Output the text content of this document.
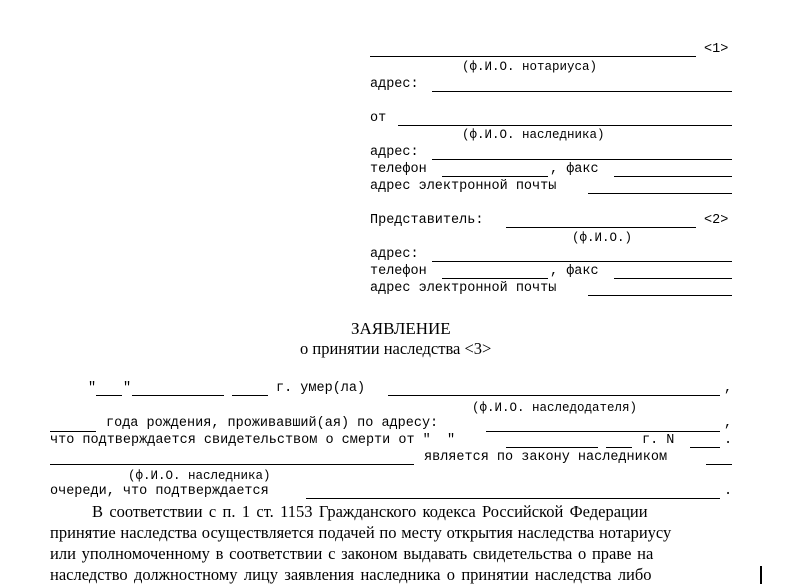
<1>
(ф.И.О. нотариуса)
адрес:
от
(ф.И.О. наследника)
адрес:
телефон	, факс
адрес электронной почты
Представитель:	<2>
(ф.И.О.)
адрес:
телефон	, факс
адрес электронной почты
ЗАЯВЛЕНИЕ
о принятии наследства <3>
" "	г. умер(ла)	,
(ф.И.О. наследодателя)
года рождения, проживавший(ая) по адресу:	,
что подтверждается свидетельством о смерти от "  "	г. N	.
является по закону наследником
(ф.И.О. наследника)
очереди, что подтверждается	.
В соответствии с п. 1 ст. 1153 Гражданского кодекса Российской Федерации
принятие наследства осуществляется подачей по месту открытия наследства нотариусу
или уполномоченному в соответствии с законом выдавать свидетельства о праве на
наследство должностному лицу заявления наследника о принятии наследства либо
